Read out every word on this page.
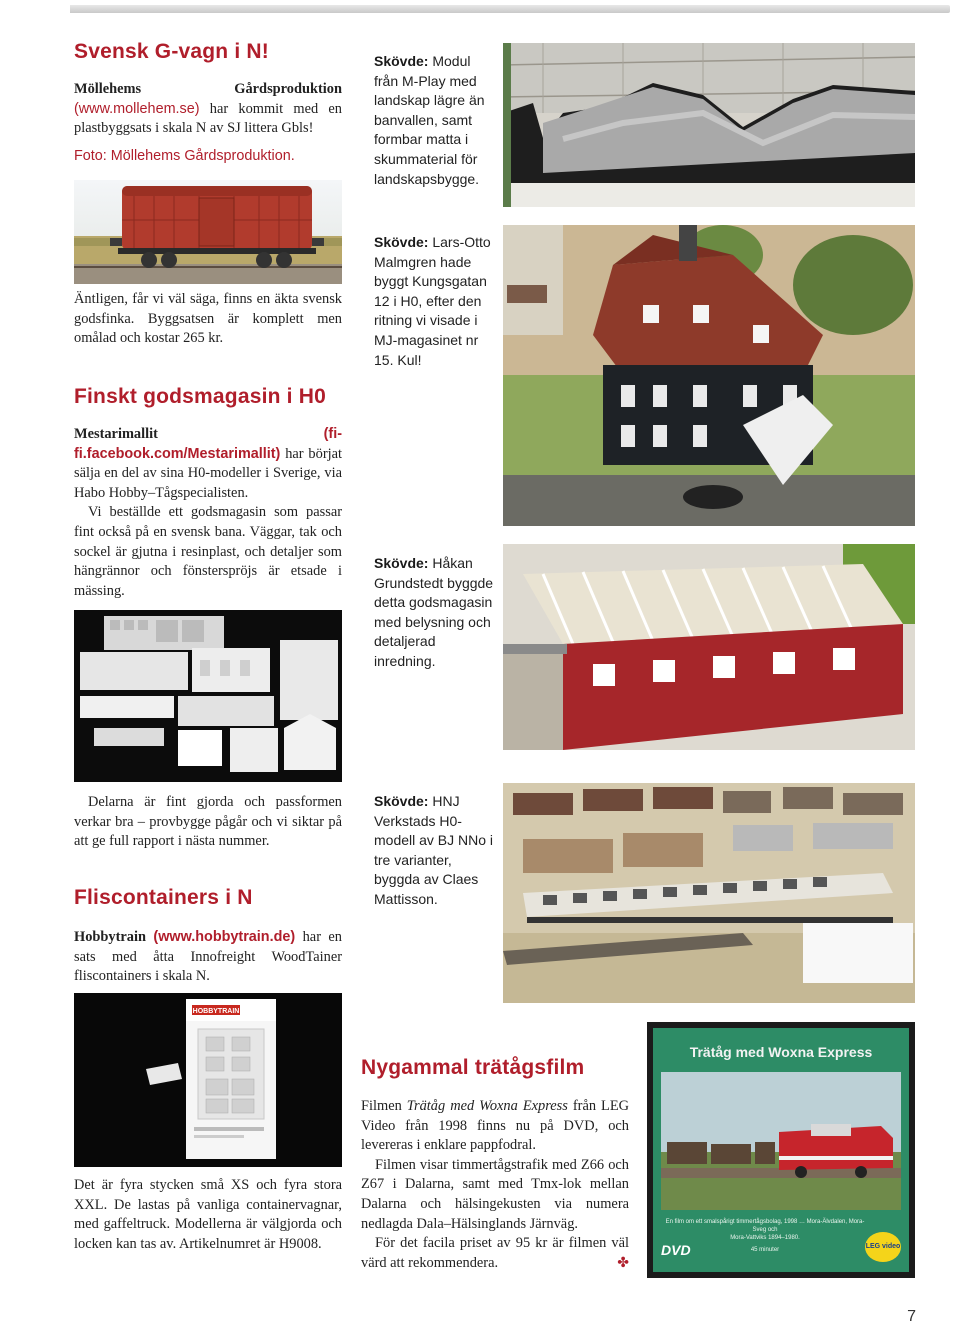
Svensk G-vagn i N!

Möllehems Gårdsproduktion (www.mollehem.se) har kommit med en plastbyggsats i skala N av SJ littera Gbls!

Foto: Möllehems Gårdsproduktion.

Äntligen, får vi väl säga, finns en äkta svensk godsfinka. Byggsatsen är komplett men omålad och kostar 265 kr.
Finskt godsmagasin i H0

Mestarimallit	(fi-fi.facebook.com/Mestarimallit) har börjat sälja en del av sina H0-modeller i Sverige, via Habo Hobby–Tågspecialisten.

Vi beställde ett godsmagasin som passar fint också på en svensk bana. Väggar, tak och sockel är gjutna i resinplast, och detaljer som hängrännor och fönsterspröjs är etsade i mässing.

Delarna är fint gjorda och passformen verkar bra – provbygge pågår och vi siktar på att ge full rapport i nästa nummer.

Fliscontainers i N

Hobbytrain (www.hobbytrain.de) har en sats med åtta Innofreight WoodTainer fliscontainers i skala N.

HOBBYTRAIN
Det är fyra stycken små XS och fyra stora XXL. De lastas på vanliga containervagnar, med gaffeltruck. Modellerna är välgjorda och locken kan tas av. Artikelnumret är H9008.
Skövde: Modul från M-Play med landskap lägre än banvallen, samt formbar matta i skummaterial för landskapsbygge.
Skövde: Lars-Otto Malmgren hade byggt Kungsgatan 12 i H0, efter den ritning vi visade i MJ-magasinet nr 15. Kul!
Skövde: Håkan Grundstedt byggde detta godsmagasin med belysning och detaljerad inredning.
Skövde: HNJ Verkstads H0-modell av BJ NNo i tre varianter, byggda av Claes Mattisson.
Nygammal trätågsfilm

Filmen Trätåg med Woxna Express från LEG Video från 1998 finns nu på DVD, och levereras i enklare pappfodral.

Filmen visar timmertågstrafik med Z66 och Z67 i Dalarna, samt med Tmx-lok mellan Dalarna och hälsingekusten via numera nedlagda Dala–Hälsinglands Järnväg.

För det facila priset av 95 kr är filmen väl värd att rekommendera.	✤

Trätåg med Woxna Express
En film om ett smalspårigt timmertågsbolag, 1998 … Mora-Älvdalen, Mora-Sveg och
Mora-Vattviks 1894–1980.
45 minuter
DVD	LEG video
7
